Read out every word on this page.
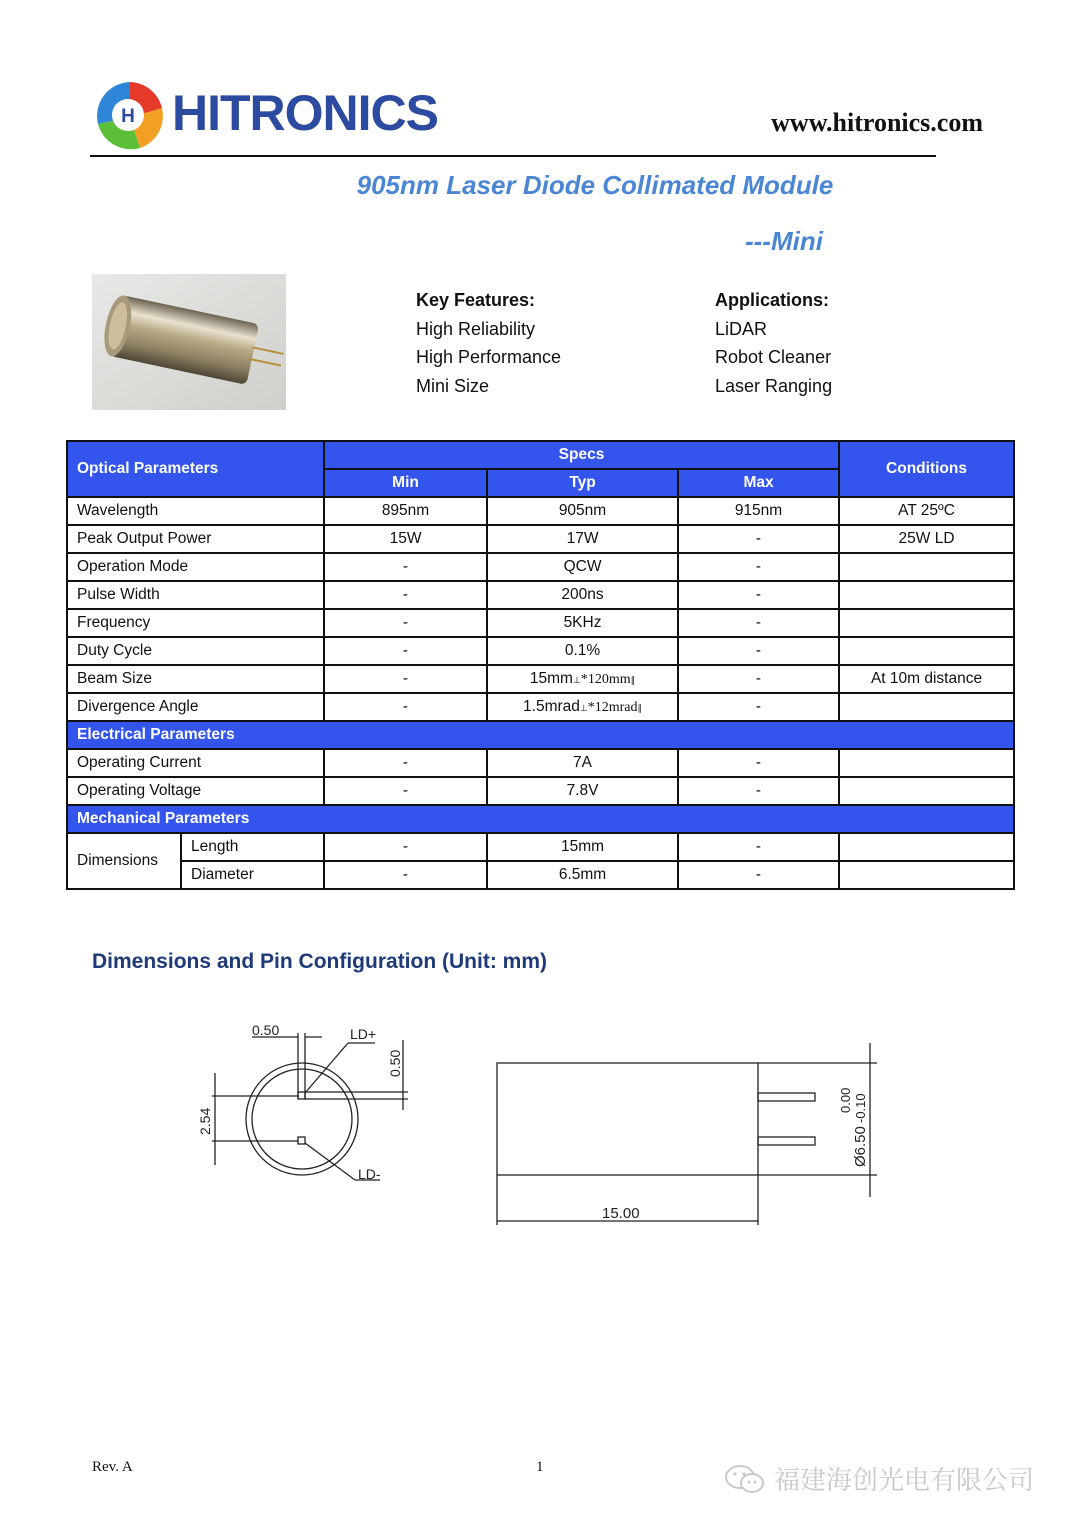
H HITRONICS	www.hitronics.com
905nm Laser Diode Collimated Module
---Mini
Key Features:
High Reliability
High Performance
Mini Size
Applications:
LiDAR
Robot Cleaner
Laser Ranging
Optical Parameters		Specs			Conditions
		Min	Typ	Max	
Wavelength		895nm	905nm	915nm	AT 25ºC
Peak Output Power		15W	17W	-	25W LD
Operation Mode		-	QCW	-	
Pulse Width		-	200ns	-	
Frequency		-	5KHz	-	
Duty Cycle		-	0.1%	-	
Beam Size		-	15mm⊥*120mm∥	-	At 10m distance
Divergence Angle		-	1.5mrad⊥*12mrad∥	-	
Electrical Parameters					
Operating Current		-	7A	-	
Operating Voltage		-	7.8V	-	
Mechanical Parameters					
Dimensions	Length	-	15mm	-	
	Diameter	-	6.5mm	-	
Dimensions and Pin Configuration (Unit: mm)
0.50	LD+
LD-
0.50
2.54
15.00
Ø6.50
0.00 -0.10
Rev. A	1	福建海创光电有限公司
